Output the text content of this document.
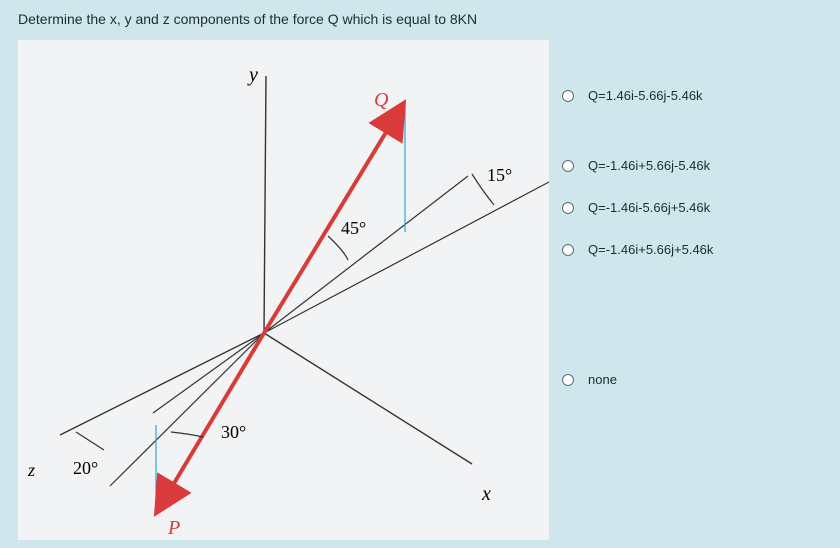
Determine the x, y and z components of the force Q which is equal to 8KN
y
Q
15°
45°
30°
20°
z
x
P
Q=1.46i-5.66j-5.46k
Q=-1.46i+5.66j-5.46k
Q=-1.46i-5.66j+5.46k
Q=-1.46i+5.66j+5.46k
none
